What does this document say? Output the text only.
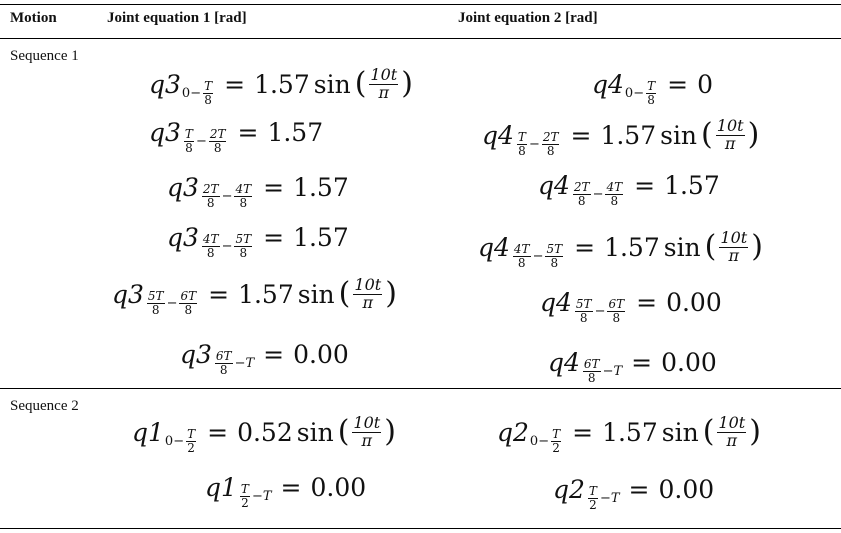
Motion	Joint equation 1 [rad]	Joint equation 2 [rad]
Sequence 1
Sequence 2
q3 $0 - \frac{T}{8} = 1.57$ sin ( $\frac{10t}{\pi}$ )
$q3 \frac{T}{8} - \frac{2T}{8} = 1.57$
$q3 \frac{2T}{8} - \frac{4T}{8} = 1.57$
$q3 \frac{4T}{8} - \frac{5T}{8} = 1.57$
$q3 \frac{5T}{8} - \frac{6T}{8} = 1.57$ sin ( $\frac{10t}{\pi}$ )
$q3 \frac{6T}{8} - T = 0.00$
q4 $0 - \frac{T}{8} = 0$
$q4 \frac{T}{8} - \frac{2T}{8} = 1.57$ sin ( $\frac{10t}{\pi}$ )
$q4 \frac{2T}{8} - \frac{4T}{8} = 1.57$
$q4 \frac{4T}{8} - \frac{5T}{8} = 1.57$ sin ( $\frac{10t}{\pi}$ )
$q4 \frac{5T}{8} - \frac{6T}{8} = 0.00$
$q4 \frac{6T}{8} - T = 0.00$
q1 $0 - \frac{T}{2} = 0.52$ sin ( $\frac{10t}{\pi}$ )
$q1 \frac{T}{2} - T = 0.00$
q2 $0 - \frac{T}{2} = 1.57$ sin ( $\frac{10t}{\pi}$ )
$q2 \frac{T}{2} - T = 0.00$
